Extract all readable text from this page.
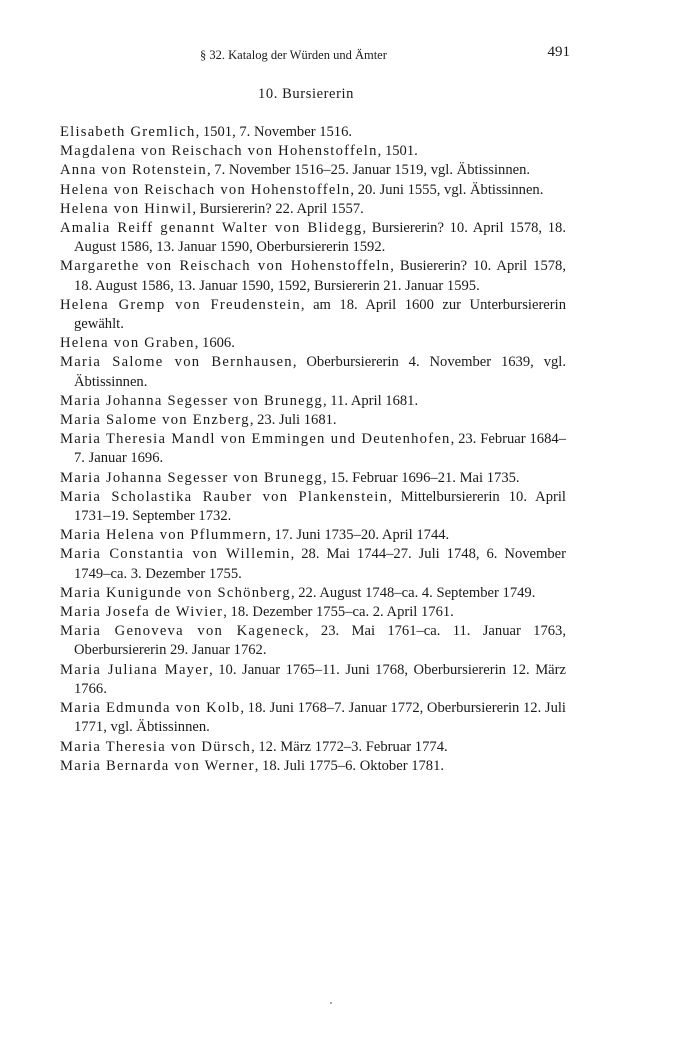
§ 32. Katalog der Würden und Ämter	491
10. Bursiererin
Elisabeth Gremlich, 1501, 7. November 1516.
Magdalena von Reischach von Hohenstoffeln, 1501.
Anna von Rotenstein, 7. November 1516–25. Januar 1519, vgl. Äbtissinnen.
Helena von Reischach von Hohenstoffeln, 20. Juni 1555, vgl. Äbtissinnen.
Helena von Hinwil, Bursiererin? 22. April 1557.
Amalia Reiff genannt Walter von Blidegg, Bursiererin? 10. April 1578, 18. August 1586, 13. Januar 1590, Oberbursiererin 1592.
Margarethe von Reischach von Hohenstoffeln, Busiererin? 10. April 1578, 18. August 1586, 13. Januar 1590, 1592, Bursiererin 21. Januar 1595.
Helena Gremp von Freudenstein, am 18. April 1600 zur Unterbursiererin gewählt.
Helena von Graben, 1606.
Maria Salome von Bernhausen, Oberbursiererin 4. November 1639, vgl. Äbtissinnen.
Maria Johanna Segesser von Brunegg, 11. April 1681.
Maria Salome von Enzberg, 23. Juli 1681.
Maria Theresia Mandl von Emmingen und Deutenhofen, 23. Februar 1684–7. Januar 1696.
Maria Johanna Segesser von Brunegg, 15. Februar 1696–21. Mai 1735.
Maria Scholastika Rauber von Plankenstein, Mittelbursiererin 10. April 1731–19. September 1732.
Maria Helena von Pflummern, 17. Juni 1735–20. April 1744.
Maria Constantia von Willemin, 28. Mai 1744–27. Juli 1748, 6. November 1749–ca. 3. Dezember 1755.
Maria Kunigunde von Schönberg, 22. August 1748–ca. 4. September 1749.
Maria Josefa de Wivier, 18. Dezember 1755–ca. 2. April 1761.
Maria Genoveva von Kageneck, 23. Mai 1761–ca. 11. Januar 1763, Oberbursiererin 29. Januar 1762.
Maria Juliana Mayer, 10. Januar 1765–11. Juni 1768, Oberbursiererin 12. März 1766.
Maria Edmunda von Kolb, 18. Juni 1768–7. Januar 1772, Oberbursiererin 12. Juli 1771, vgl. Äbtissinnen.
Maria Theresia von Dürsch, 12. März 1772–3. Februar 1774.
Maria Bernarda von Werner, 18. Juli 1775–6. Oktober 1781.
